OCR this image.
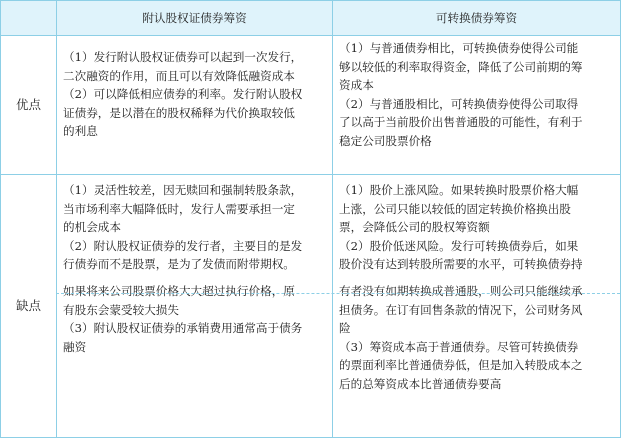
附认股权证债券筹资	可转换债券筹资
优点
缺点
（1）发行附认股权证债券可以起到一次发行，
二次融资的作用，而且可以有效降低融资成本
（2）可以降低相应债券的利率。发行附认股权
证债券，是以潜在的股权稀释为代价换取较低
的利息
（1）与普通债券相比，可转换债券使得公司能
够以较低的利率取得资金，降低了公司前期的筹
资成本
（2）与普通股相比，可转换债券使得公司取得
了以高于当前股价出售普通股的可能性，有利于
稳定公司股票价格
（1）灵活性较差，因无赎回和强制转股条款，
当市场利率大幅降低时，发行人需要承担一定
的机会成本
（2）附认股权证债券的发行者，主要目的是发
行债券而不是股票，是为了发债而附带期权。
如果将来公司股票价格大大超过执行价格，原
有股东会蒙受较大损失
（3）附认股权证债券的承销费用通常高于债务
融资
（1）股价上涨风险。如果转换时股票价格大幅
上涨，公司只能以较低的固定转换价格换出股
票，会降低公司的股权筹资额
（2）股价低迷风险。发行可转换债券后，如果
股价没有达到转股所需要的水平，可转换债券持
有者没有如期转换成普通股，则公司只能继续承
担债务。在订有回售条款的情况下，公司财务风
险
（3）筹资成本高于普通债券。尽管可转换债券
的票面利率比普通债券低，但是加入转股成本之
后的总筹资成本比普通债券要高
